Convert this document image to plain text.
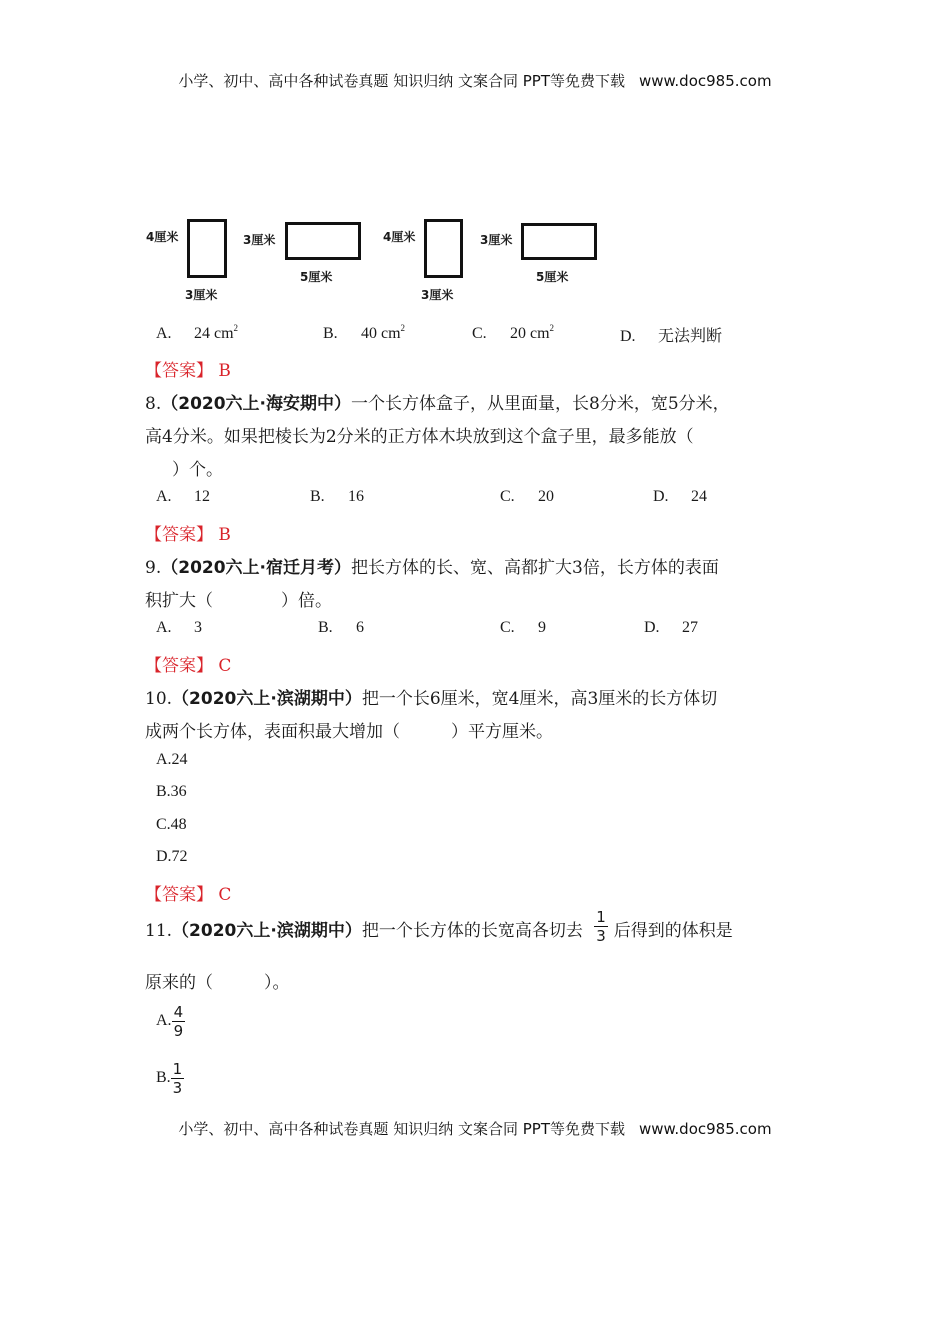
小学、初中、高中各种试卷真题 知识归纳 文案合同 PPT等免费下载 www.doc985.com
4厘米
3厘米
3厘米
5厘米
4厘米
3厘米
3厘米
5厘米
A. 24 $cm^2$	B. 40 $cm^2$	C. 20 $cm^2$	D. 无法判断
【答案】 B
8.（2020六上·海安期中）一个长方体盒子，从里面量，长8分米，宽5分米，
高4分米。如果把棱长为2分米的正方体木块放到这个盒子里，最多能放（
）个。
A. 12	B. 16	C. 20	D. 24
【答案】 B
9.（2020六上·宿迁月考）把长方体的长、宽、高都扩大3倍，长方体的表面
积扩大（　　　　）倍。
A. 3	B. 6	C. 9	D. 27
【答案】 C
10.（2020六上·滨湖期中）把一个长6厘米，宽4厘米，高3厘米的长方体切
成两个长方体，表面积最大增加（　　　）平方厘米。
A.24
B.36
C.48
D.72
【答案】 C
11.（2020六上·滨湖期中）把一个长方体的长宽高各切去 $\frac{1}{3}$ 后得到的体积是
原来的（　　　）。
A. $\frac{4}{9}$
B. $\frac{1}{3}$
小学、初中、高中各种试卷真题 知识归纳 文案合同 PPT等免费下载 www.doc985.com
